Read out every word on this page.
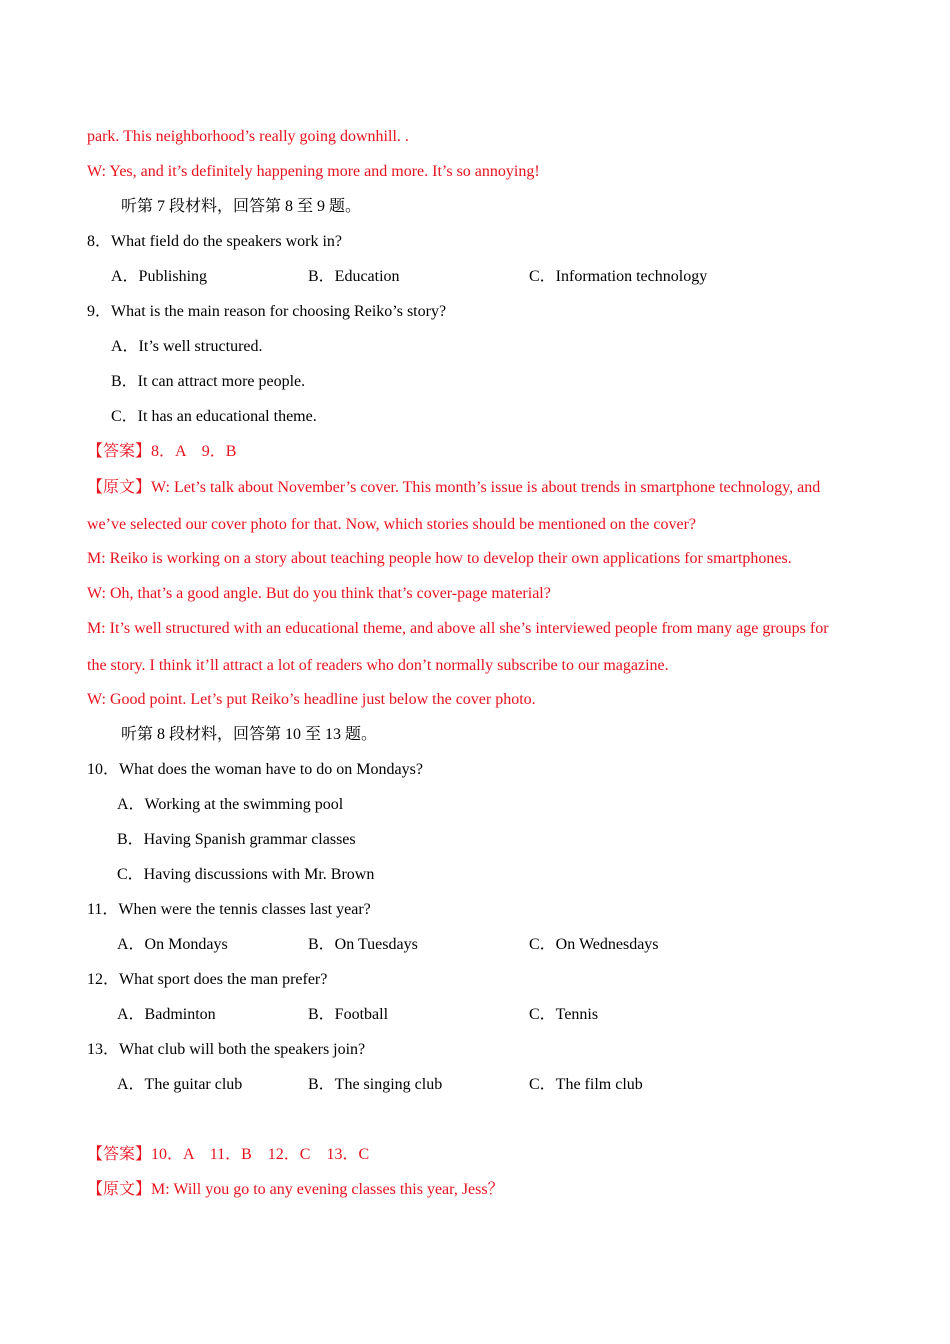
park. This neighborhood’s really going downhill. .
W: Yes, and it’s definitely happening more and more. It’s so annoying!
听第 7 段材料，回答第 8 至 9 题。
8．What field do the speakers work in?
A．Publishing	B．Education	C．Information technology
9．What is the main reason for choosing Reiko’s story?
A．It’s well structured.
B．It can attract more people.
C．It has an educational theme.
【答案】8．A    9．B
【原文】W: Let’s talk about November’s cover. This month’s issue is about trends in smartphone technology, and
we’ve selected our cover photo for that. Now, which stories should be mentioned on the cover?
M: Reiko is working on a story about teaching people how to develop their own applications for smartphones.
W: Oh, that’s a good angle. But do you think that’s cover-page material?
M: It’s well structured with an educational theme, and above all she’s interviewed people from many age groups for
the story. I think it’ll attract a lot of readers who don’t normally subscribe to our magazine.
W: Good point. Let’s put Reiko’s headline just below the cover photo.
听第 8 段材料，回答第 10 至 13 题。
10．What does the woman have to do on Mondays?
A．Working at the swimming pool
B．Having Spanish grammar classes
C．Having discussions with Mr. Brown
11．When were the tennis classes last year?
A．On Mondays	B．On Tuesdays	C．On Wednesdays
12．What sport does the man prefer?
A．Badminton	B．Football	C．Tennis
13．What club will both the speakers join?
A．The guitar club	B．The singing club	C．The film club
【答案】10．A    11．B    12．C    13．C
【原文】M: Will you go to any evening classes this year, Jess？
